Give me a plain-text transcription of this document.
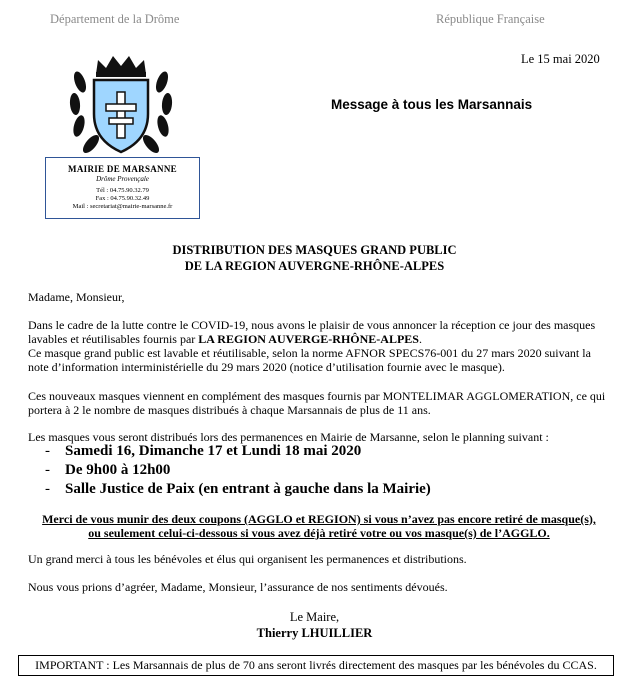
Département de la Drôme	République Française
Le 15 mai 2020
Message à tous les Marsannais
MAIRIE DE MARSANNE
Drôme Provençale
Tél : 04.75.90.32.79
Fax : 04.75.90.32.49
Mail : secretariat@mairie-marsanne.fr
DISTRIBUTION DES MASQUES GRAND PUBLIC
DE LA REGION AUVERGNE-RHÔNE-ALPES
Madame, Monsieur,
Dans le cadre de la lutte contre le COVID-19, nous avons le plaisir de vous annoncer la réception ce jour des masques lavables et réutilisables fournis par LA REGION AUVERGE-RHÔNE-ALPES.
Ce masque grand public est lavable et réutilisable, selon la norme AFNOR SPECS76-001 du 27 mars 2020 suivant la note d’information interministérielle du 29 mars 2020 (notice d’utilisation fournie avec le masque).
Ces nouveaux masques viennent en complément des masques fournis par MONTELIMAR AGGLOMERATION, ce qui portera à 2 le nombre de masques distribués à chaque Marsannais de plus de 11 ans.
Les masques vous seront distribués lors des permanences en Mairie de Marsanne, selon le planning suivant :
- Samedi 16, Dimanche 17 et Lundi 18 mai 2020
- De 9h00 à 12h00
- Salle Justice de Paix (en entrant à gauche dans la Mairie)
Merci de vous munir des deux coupons (AGGLO et REGION) si vous n’avez pas encore retiré de masque(s),
ou seulement celui-ci-dessous si vous avez déjà retiré votre ou vos masque(s) de l’AGGLO.
Un grand merci à tous les bénévoles et élus qui organisent les permanences et distributions.
Nous vous prions d’agréer, Madame, Monsieur, l’assurance de nos sentiments dévoués.
Le Maire,
Thierry LHUILLIER
IMPORTANT : Les Marsannais de plus de 70 ans seront livrés directement des masques par les bénévoles du CCAS.
